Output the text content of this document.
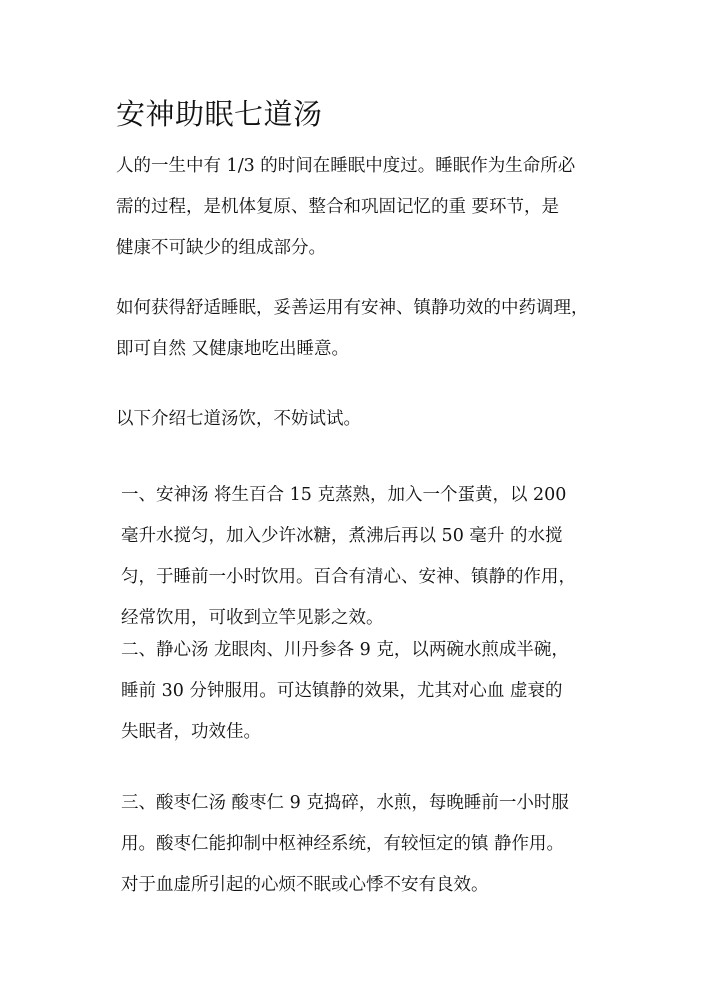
安神助眠七道汤
人的一生中有 1/3 的时间在睡眠中度过。睡眠作为生命所必
需的过程，是机体复原、整合和巩固记忆的重 要环节，是
健康不可缺少的组成部分。
如何获得舒适睡眠，妥善运用有安神、镇静功效的中药调理，
即可自然 又健康地吃出睡意。
以下介绍七道汤饮，不妨试试。
一、安神汤 将生百合 15 克蒸熟，加入一个蛋黄，以 200
毫升水搅匀，加入少许冰糖，煮沸后再以 50 毫升 的水搅
匀，于睡前一小时饮用。百合有清心、安神、镇静的作用，
经常饮用，可收到立竿见影之效。
二、静心汤 龙眼肉、川丹参各 9 克，以两碗水煎成半碗，
睡前 30 分钟服用。可达镇静的效果，尤其对心血 虚衰的
失眠者，功效佳。
三、酸枣仁汤 酸枣仁 9 克捣碎，水煎，每晚睡前一小时服
用。酸枣仁能抑制中枢神经系统，有较恒定的镇 静作用。
对于血虚所引起的心烦不眠或心悸不安有良效。
